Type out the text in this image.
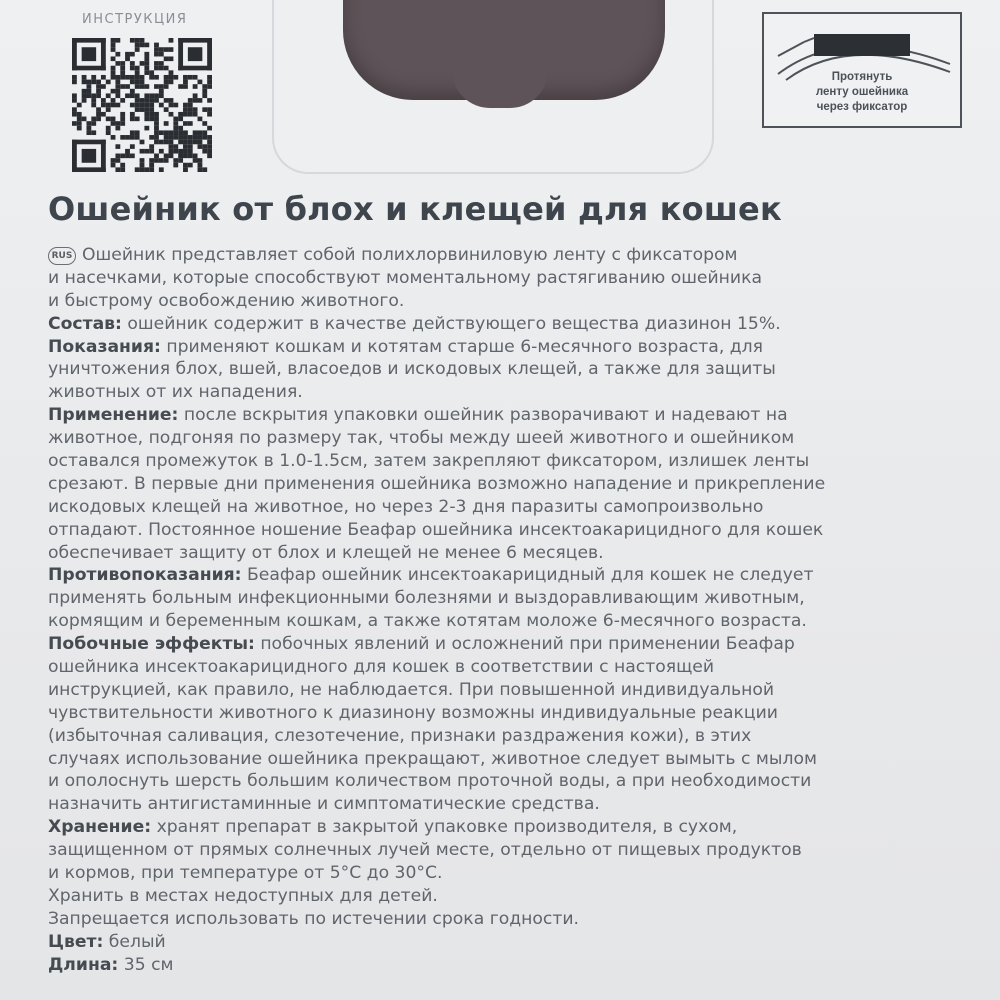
ИНСТРУКЦИЯ
Протянуть
ленту ошейника
через фиксатор
Ошейник от блох и клещей для кошек
RUS Ошейник представляет собой полихлорвиниловую ленту с фиксатором
и насечками, которые способствуют моментальному растягиванию ошейника
и быстрому освобождению животного.
Состав: ошейник содержит в качестве действующего вещества диазинон 15%.
Показания: применяют кошкам и котятам старше 6-месячного возраста, для
уничтожения блох, вшей, власоедов и искодовых клещей, а также для защиты
животных от их нападения.
Применение: после вскрытия упаковки ошейник разворачивают и надевают на
животное, подгоняя по размеру так, чтобы между шеей животного и ошейником
оставался промежуток в 1.0-1.5см, затем закрепляют фиксатором, излишек ленты
срезают. В первые дни применения ошейника возможно нападение и прикрепление
искодовых клещей на животное, но через 2-3 дня паразиты самопроизвольно
отпадают. Постоянное ношение Беафар ошейника инсектоакарицидного для кошек
обеспечивает защиту от блох и клещей не менее 6 месяцев.
Противопоказания: Беафар ошейник инсектоакарицидный для кошек не следует
применять больным инфекционными болезнями и выздоравливающим животным,
кормящим и беременным кошкам, а также котятам моложе 6-месячного возраста.
Побочные эффекты: побочных явлений и осложнений при применении Беафар
ошейника инсектоакарицидного для кошек в соответствии с настоящей
инструкцией, как правило, не наблюдается. При повышенной индивидуальной
чувствительности животного к диазинону возможны индивидуальные реакции
(избыточная саливация, слезотечение, признаки раздражения кожи), в этих
случаях использование ошейника прекращают, животное следует вымыть с мылом
и ополоснуть шерсть большим количеством проточной воды, а при необходимости
назначить антигистаминные и симптоматические средства.
Хранение: хранят препарат в закрытой упаковке производителя, в сухом,
защищенном от прямых солнечных лучей месте, отдельно от пищевых продуктов
и кормов, при температуре от 5°С до 30°С.
Хранить в местах недоступных для детей.
Запрещается использовать по истечении срока годности.
Цвет: белый
Длина: 35 см
